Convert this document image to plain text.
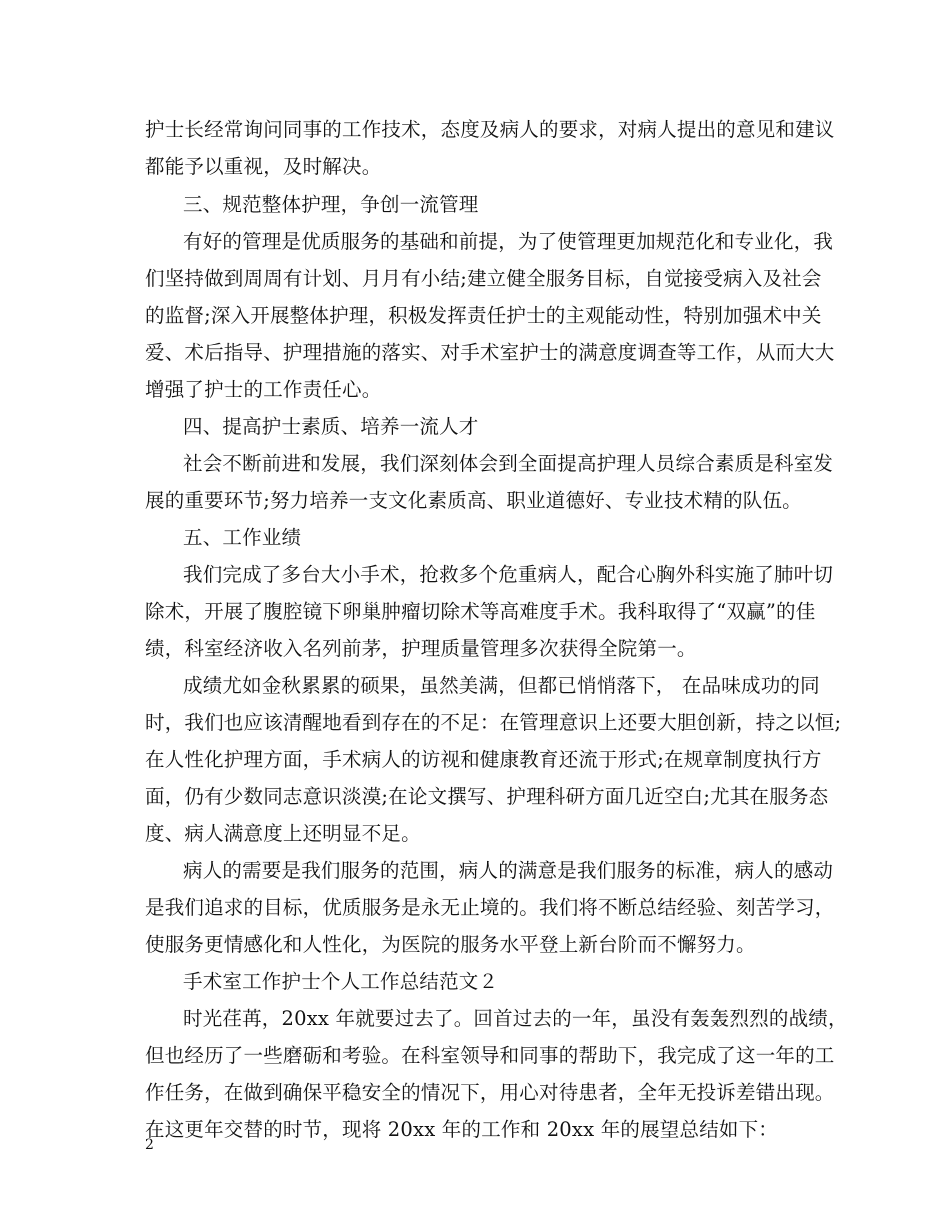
护士长经常询问同事的工作技术，态度及病人的要求，对病人提出的意见和建议
都能予以重视，及时解决。
三、规范整体护理，争创一流管理
有好的管理是优质服务的基础和前提，为了使管理更加规范化和专业化，我
们坚持做到周周有计划、月月有小结;建立健全服务目标，自觉接受病入及社会
的监督;深入开展整体护理，积极发挥责任护士的主观能动性，特别加强术中关
爱、术后指导、护理措施的落实、对手术室护士的满意度调查等工作，从而大大
增强了护士的工作责任心。
四、提高护士素质、培养一流人才
社会不断前进和发展，我们深刻体会到全面提高护理人员综合素质是科室发
展的重要环节;努力培养一支文化素质高、职业道德好、专业技术精的队伍。
五、工作业绩
我们完成了多台大小手术，抢救多个危重病人，配合心胸外科实施了肺叶切
除术，开展了腹腔镜下卵巢肿瘤切除术等高难度手术。我科取得了“双赢”的佳
绩，科室经济收入名列前茅，护理质量管理多次获得全院第一。
成绩尤如金秋累累的硕果，虽然美满，但都已悄悄落下， 在品味成功的同
时，我们也应该清醒地看到存在的不足：在管理意识上还要大胆创新，持之以恒;
在人性化护理方面，手术病人的访视和健康教育还流于形式;在规章制度执行方
面，仍有少数同志意识淡漠;在论文撰写、护理科研方面几近空白;尤其在服务态
度、病人满意度上还明显不足。
病人的需要是我们服务的范围，病人的满意是我们服务的标准，病人的感动
是我们追求的目标，优质服务是永无止境的。我们将不断总结经验、刻苦学习，
使服务更情感化和人性化，为医院的服务水平登上新台阶而不懈努力。
手术室工作护士个人工作总结范文２
时光荏苒，20xx 年就要过去了。回首过去的一年，虽没有轰轰烈烈的战绩，
但也经历了一些磨砺和考验。在科室领导和同事的帮助下，我完成了这一年的工
作任务，在做到确保平稳安全的情况下，用心对待患者，全年无投诉差错出现。
在这更年交替的时节，现将 20xx 年的工作和 20xx 年的展望总结如下：
2
